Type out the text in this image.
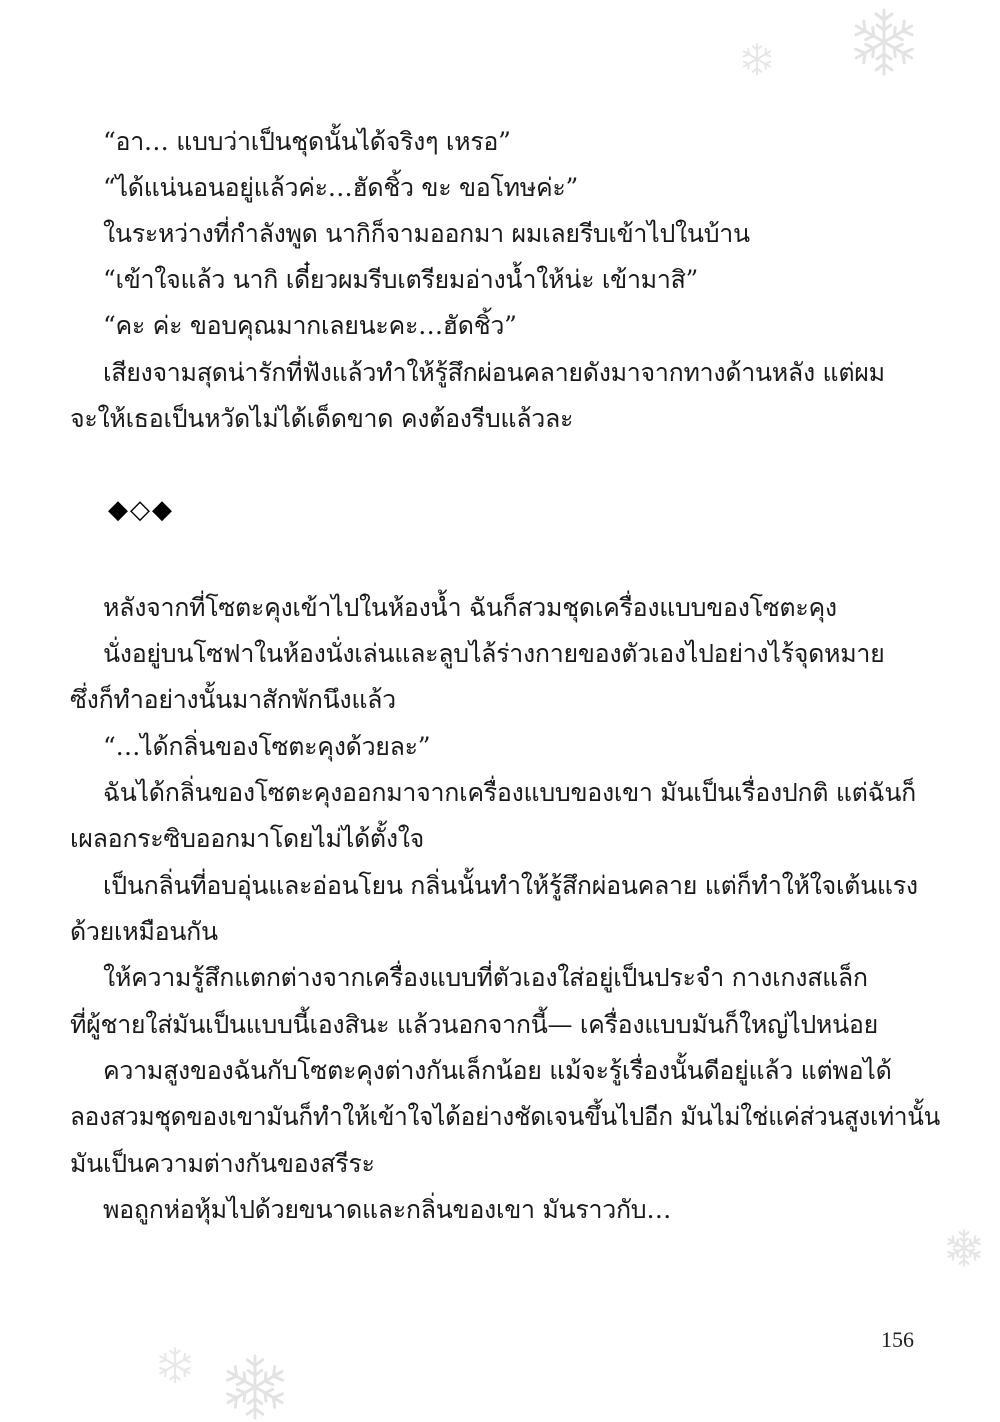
“อา… แบบว่าเป็นชุดนั้นได้จริงๆ เหรอ”
“ได้แน่นอนอยู่แล้วค่ะ…ฮัดชิ้ว ขะ ขอโทษค่ะ”
ในระหว่างที่กำลังพูด นากิก็จามออกมา ผมเลยรีบเข้าไปในบ้าน
“เข้าใจแล้ว นากิ เดี๋ยวผมรีบเตรียมอ่างน้ำให้น่ะ เข้ามาสิ”
“คะ ค่ะ ขอบคุณมากเลยนะคะ…ฮัดชิ้ว”
เสียงจามสุดน่ารักที่ฟังแล้วทำให้รู้สึกผ่อนคลายดังมาจากทางด้านหลัง แต่ผม
จะให้เธอเป็นหวัดไม่ได้เด็ดขาด คงต้องรีบแล้วละ
◆◇◆
หลังจากที่โซตะคุงเข้าไปในห้องน้ำ ฉันก็สวมชุดเครื่องแบบของโซตะคุง
นั่งอยู่บนโซฟาในห้องนั่งเล่นและลูบไล้ร่างกายของตัวเองไปอย่างไร้จุดหมาย
ซึ่งก็ทำอย่างนั้นมาสักพักนึงแล้ว
“…ได้กลิ่นของโซตะคุงด้วยละ”
ฉันได้กลิ่นของโซตะคุงออกมาจากเครื่องแบบของเขา มันเป็นเรื่องปกติ แต่ฉันก็
เผลอกระซิบออกมาโดยไม่ได้ตั้งใจ
เป็นกลิ่นที่อบอุ่นและอ่อนโยน กลิ่นนั้นทำให้รู้สึกผ่อนคลาย แต่ก็ทำให้ใจเต้นแรง
ด้วยเหมือนกัน
ให้ความรู้สึกแตกต่างจากเครื่องแบบที่ตัวเองใส่อยู่เป็นประจำ กางเกงสแล็ก
ที่ผู้ชายใส่มันเป็นแบบนี้เองสินะ แล้วนอกจากนี้— เครื่องแบบมันก็ใหญ่ไปหน่อย
ความสูงของฉันกับโซตะคุงต่างกันเล็กน้อย แม้จะรู้เรื่องนั้นดีอยู่แล้ว แต่พอได้
ลองสวมชุดของเขามันก็ทำให้เข้าใจได้อย่างชัดเจนขึ้นไปอีก มันไม่ใช่แค่ส่วนสูงเท่านั้น
มันเป็นความต่างกันของสรีระ
พอถูกห่อหุ้มไปด้วยขนาดและกลิ่นของเขา มันราวกับ…
156
